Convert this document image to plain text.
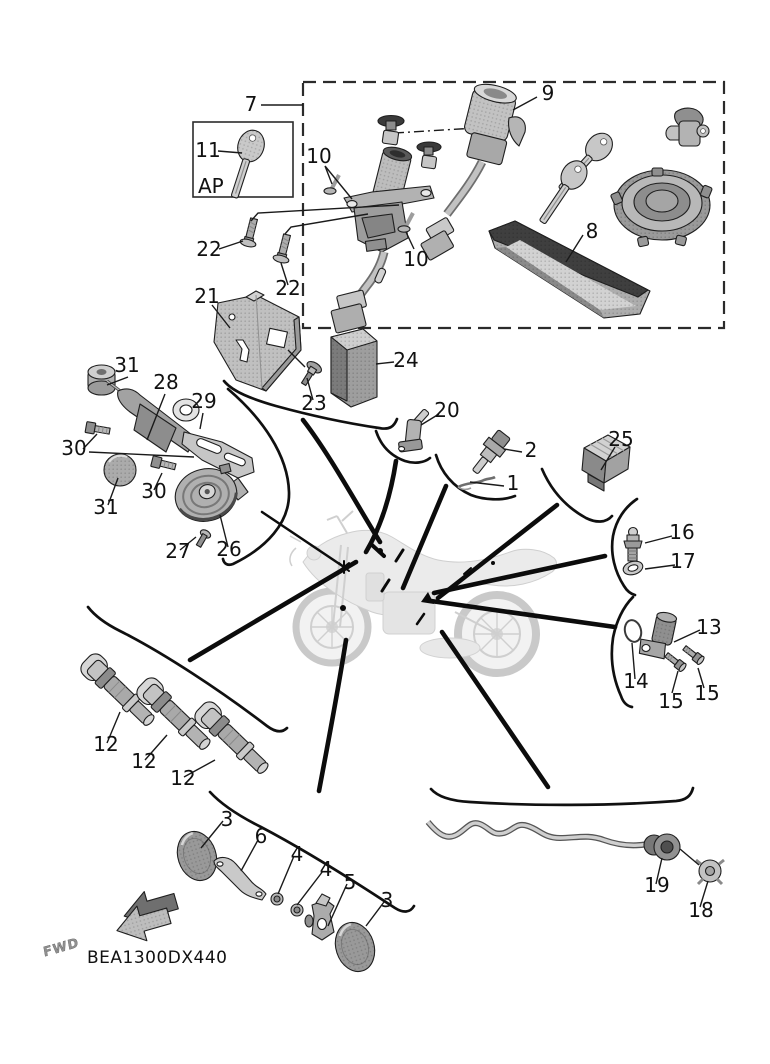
FWD
7
11	10
10
22
22
9
8
21
23
24
31
28
29
30
30
31
27 26
20
2
1
25
16
17
13
14
15 15
12
12
12
3
6
4
4
5
3
19
18
AP
BEA1300DX440
